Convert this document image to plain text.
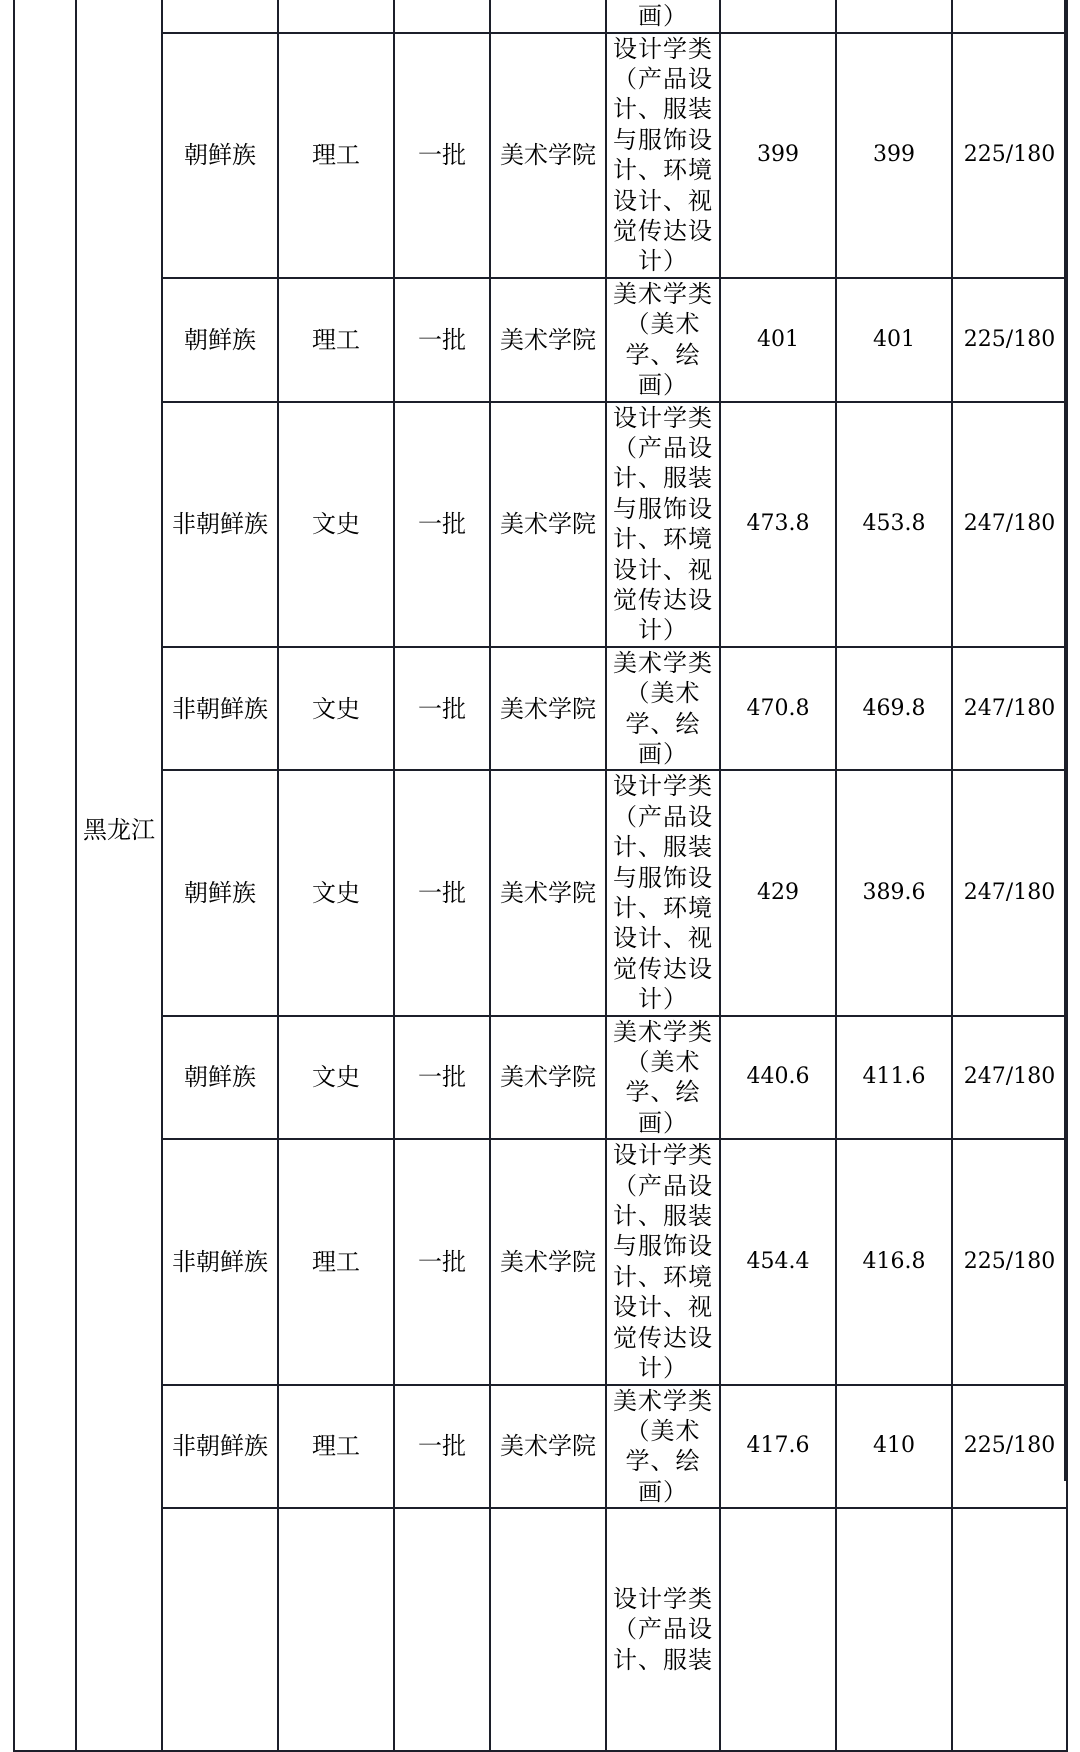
	黑龙江					画）			
		朝鲜族	理工	一批	美术学院	设计学类（产品设计、服装与服饰设计、环境设计、视觉传达设计）	399	399	225/180
		朝鲜族	理工	一批	美术学院	美术学类（美术学、绘画）	401	401	225/180
		非朝鲜族	文史	一批	美术学院	设计学类（产品设计、服装与服饰设计、环境设计、视觉传达设计）	473.8	453.8	247/180
		非朝鲜族	文史	一批	美术学院	美术学类（美术学、绘画）	470.8	469.8	247/180
		朝鲜族	文史	一批	美术学院	设计学类（产品设计、服装与服饰设计、环境设计、视觉传达设计）	429	389.6	247/180
		朝鲜族	文史	一批	美术学院	美术学类（美术学、绘画）	440.6	411.6	247/180
		非朝鲜族	理工	一批	美术学院	设计学类（产品设计、服装与服饰设计、环境设计、视觉传达设计）	454.4	416.8	225/180
		非朝鲜族	理工	一批	美术学院	美术学类（美术学、绘画）	417.6	410	225/180
						设计学类（产品设计、服装			
